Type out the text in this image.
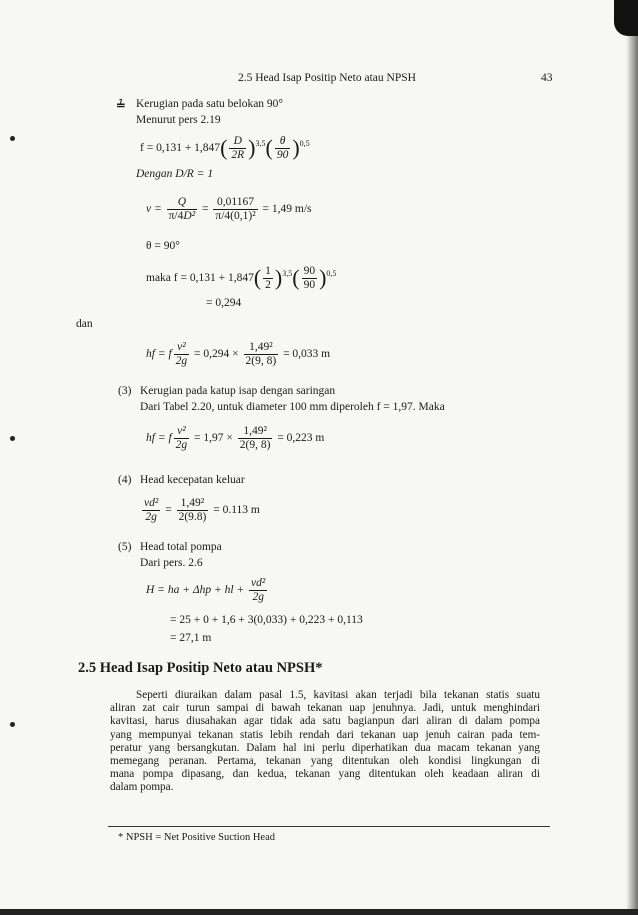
2.5 Head Isap Positip Neto atau NPSH	43
≟ Kerugian pada satu belokan 90°
Menurut pers 2.19
$f = 0,131 + 1,847( \frac{D}{2R} )^{3,5}( \frac{\theta}{90} )^{0,5}$
Dengan D/R = 1
$v = \frac{Q}{\text{π/4D²}} = \frac{0,01167}{\text{π/4(0,1)²}} = 1,49$ m/s
θ = 90°
maka $f = 0,131 + 1,847( \frac{1}{2} )^{3,5}( \frac{90}{90} )^{0,5}$
= 0,294
dan
hf = f $\frac{\text{v²}}{2g} = 0,294 \times \frac{\text{1,49²}}{2(9, 8)} = 0,033$ m
(3) Kerugian pada katup isap dengan saringan
Dari Tabel 2.20, untuk diameter 100 mm diperoleh f = 1,97. Maka
hf = f $\frac{\text{v²}}{2g} = 1,97 \times \frac{\text{1,49²}}{2(9, 8)} = 0,223$ m
(4) Head kecepatan keluar
$\frac{\text{vd²}}{2g} = \frac{\text{1,49²}}{2(9.8)} = 0.113$ m
(5) Head total pompa
Dari pers. 2.6
H = ha + Δhp + hl + $\frac{\text{vd²}}{2g}$
= 25 + 0 + 1,6 + 3(0,033) + 0,223 + 0,113
= 27,1 m
2.5 Head Isap Positip Neto atau NPSH*
Seperti diuraikan dalam pasal 1.5, kavitasi akan terjadi bila tekanan statis suatu
aliran zat cair turun sampai di bawah tekanan uap jenuhnya. Jadi, untuk menghindari
kavitasi, harus diusahakan agar tidak ada satu bagianpun dari aliran di dalam pompa
yang mempunyai tekanan statis lebih rendah dari tekanan uap jenuh cairan pada tem-
peratur yang bersangkutan. Dalam hal ini perlu diperhatikan dua macam tekanan yang
memegang peranan. Pertama, tekanan yang ditentukan oleh kondisi lingkungan di
mana pompa dipasang, dan kedua, tekanan yang ditentukan oleh keadaan aliran di
dalam pompa.
* NPSH = Net Positive Suction Head
